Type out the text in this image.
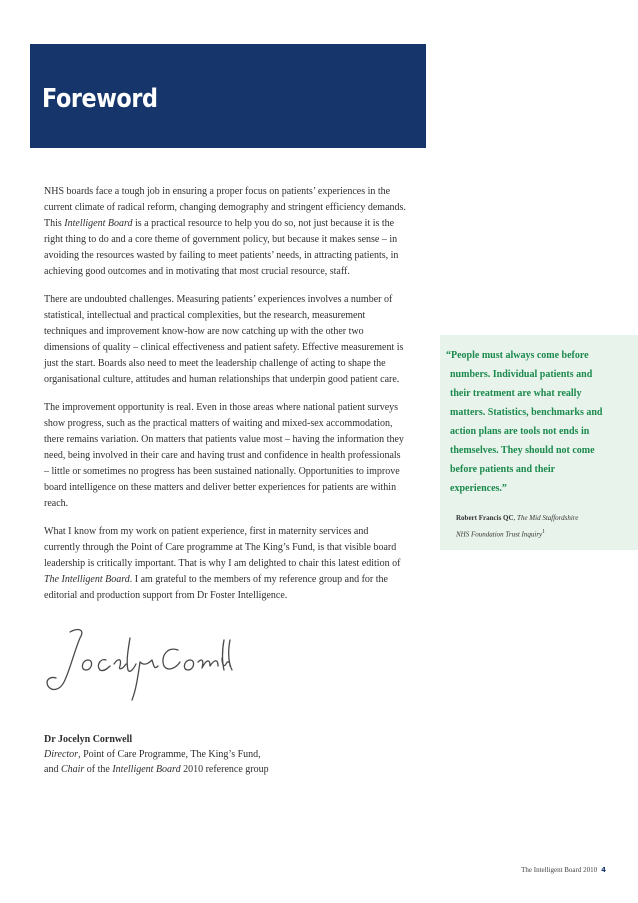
Foreword

NHS boards face a tough job in ensuring a proper focus on patients’ experiences in the current climate of radical reform, changing demography and stringent efficiency demands. This Intelligent Board is a practical resource to help you do so, not just because it is the right thing to do and a core theme of government policy, but because it makes sense – in avoiding the resources wasted by failing to meet patients’ needs, in attracting patients, in achieving good outcomes and in motivating that most crucial resource, staff.

There are undoubted challenges. Measuring patients’ experiences involves a number of statistical, intellectual and practical complexities, but the research, measurement techniques and improvement know-how are now catching up with the other two dimensions of quality – clinical effectiveness and patient safety. Effective measurement is just the start. Boards also need to meet the leadership challenge of acting to shape the organisational culture, attitudes and human relationships that underpin good patient care.

The improvement opportunity is real. Even in those areas where national patient surveys show progress, such as the practical matters of waiting and mixed-sex accommodation, there remains variation. On matters that patients value most – having the information they need, being involved in their care and having trust and confidence in health professionals – little or sometimes no progress has been sustained nationally. Opportunities to improve board intelligence on these matters and deliver better experiences for patients are within reach.

What I know from my work on patient experience, first in maternity services and currently through the Point of Care programme at The King’s Fund, is that visible board leadership is critically important. That is why I am delighted to chair this latest edition of The Intelligent Board. I am grateful to the members of my reference group and for the editorial and production support from Dr Foster Intelligence.

“People must always come before numbers. Individual patients and their treatment are what really matters. Statistics, benchmarks and action plans are tools not ends in themselves. They should not come before patients and their experiences.”
Robert Francis QC, The Mid Staffordshire
NHS Foundation Trust Inquiry$^1$
Dr Jocelyn Cornwell
Director, Point of Care Programme, The King’s Fund,
and Chair of the Intelligent Board 2010 reference group
The Intelligent Board 2010 4
